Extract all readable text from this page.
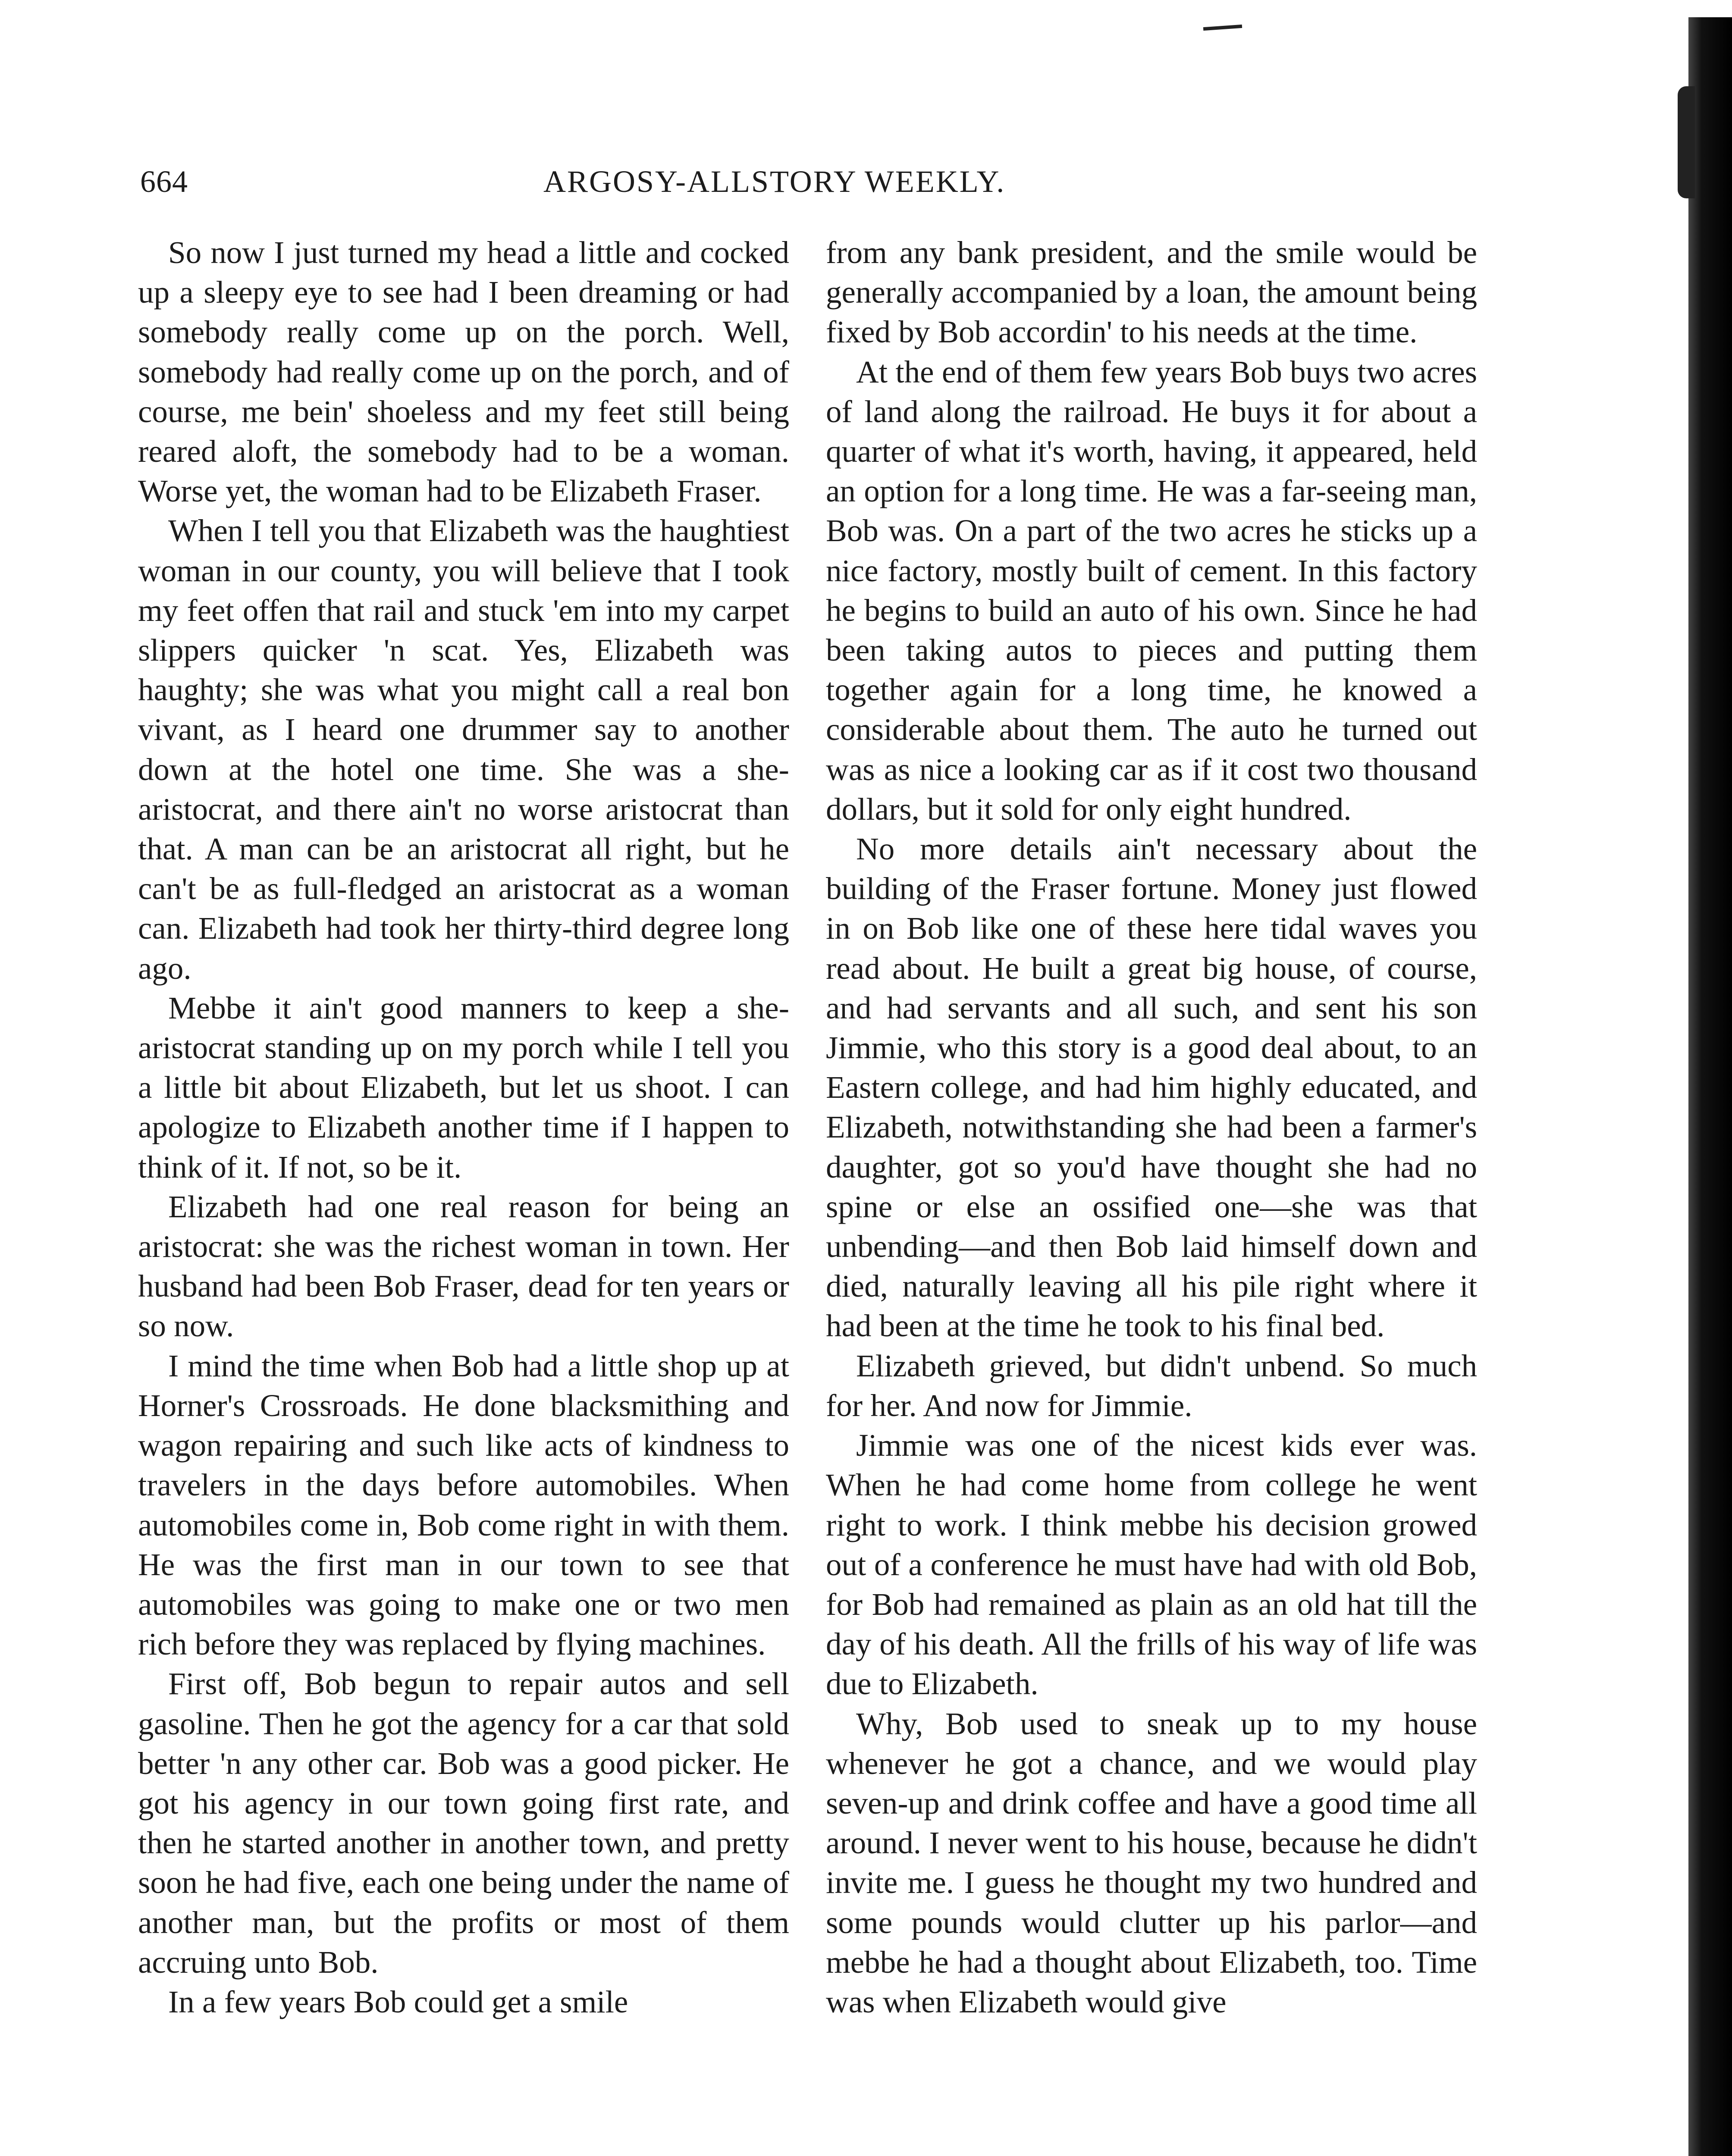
664	ARGOSY-ALLSTORY WEEKLY.

So now I just turned my head a little and cocked up a sleepy eye to see had I been dreaming or had somebody really come up on the porch. Well, somebody had really come up on the porch, and of course, me bein' shoeless and my feet still being reared aloft, the somebody had to be a woman. Worse yet, the woman had to be Elizabeth Fraser.

When I tell you that Elizabeth was the haughtiest woman in our county, you will believe that I took my feet offen that rail and stuck 'em into my carpet slippers quicker 'n scat. Yes, Elizabeth was haughty; she was what you might call a real bon vivant, as I heard one drummer say to another down at the hotel one time. She was a she-aristocrat, and there ain't no worse aristocrat than that. A man can be an aristocrat all right, but he can't be as full-fledged an aristocrat as a woman can. Elizabeth had took her thirty-third degree long ago.

Mebbe it ain't good manners to keep a she-aristocrat standing up on my porch while I tell you a little bit about Elizabeth, but let us shoot. I can apologize to Elizabeth another time if I happen to think of it. If not, so be it.

Elizabeth had one real reason for being an aristocrat: she was the richest woman in town. Her husband had been Bob Fraser, dead for ten years or so now.

I mind the time when Bob had a little shop up at Horner's Crossroads. He done blacksmithing and wagon repairing and such like acts of kindness to travelers in the days before automobiles. When automobiles come in, Bob come right in with them. He was the first man in our town to see that automobiles was going to make one or two men rich before they was replaced by flying machines.

First off, Bob begun to repair autos and sell gasoline. Then he got the agency for a car that sold better 'n any other car. Bob was a good picker. He got his agency in our town going first rate, and then he started another in another town, and pretty soon he had five, each one being under the name of another man, but the profits or most of them accruing unto Bob.

In a few years Bob could get a smile

from any bank president, and the smile would be generally accompanied by a loan, the amount being fixed by Bob accordin' to his needs at the time.

At the end of them few years Bob buys two acres of land along the railroad. He buys it for about a quarter of what it's worth, having, it appeared, held an option for a long time. He was a far-seeing man, Bob was. On a part of the two acres he sticks up a nice factory, mostly built of cement. In this factory he begins to build an auto of his own. Since he had been taking autos to pieces and putting them together again for a long time, he knowed a considerable about them. The auto he turned out was as nice a looking car as if it cost two thousand dollars, but it sold for only eight hundred.

No more details ain't necessary about the building of the Fraser fortune. Money just flowed in on Bob like one of these here tidal waves you read about. He built a great big house, of course, and had servants and all such, and sent his son Jimmie, who this story is a good deal about, to an Eastern college, and had him highly educated, and Elizabeth, notwithstanding she had been a farmer's daughter, got so you'd have thought she had no spine or else an ossified one—she was that unbending—and then Bob laid himself down and died, naturally leaving all his pile right where it had been at the time he took to his final bed.

Elizabeth grieved, but didn't unbend. So much for her. And now for Jimmie.

Jimmie was one of the nicest kids ever was. When he had come home from college he went right to work. I think mebbe his decision growed out of a conference he must have had with old Bob, for Bob had remained as plain as an old hat till the day of his death. All the frills of his way of life was due to Elizabeth.

Why, Bob used to sneak up to my house whenever he got a chance, and we would play seven-up and drink coffee and have a good time all around. I never went to his house, because he didn't invite me. I guess he thought my two hundred and some pounds would clutter up his parlor—and mebbe he had a thought about Elizabeth, too. Time was when Elizabeth would give
